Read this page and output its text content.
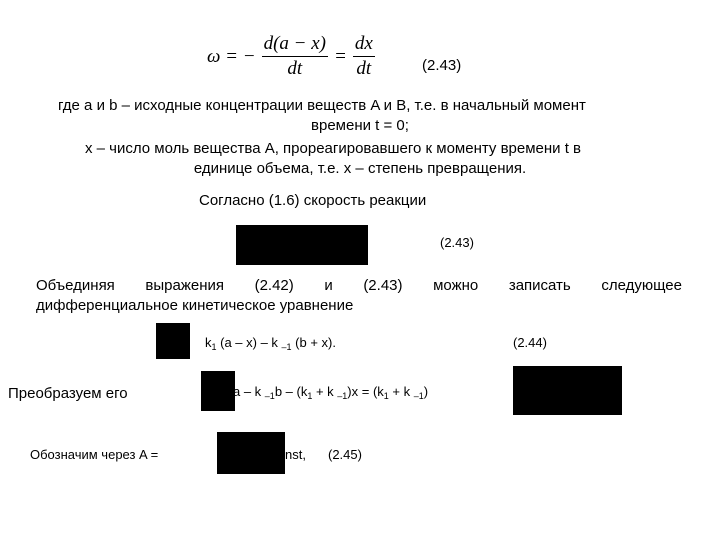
ω = − $\frac{d(a - x)}{dt} = \frac{dx}{dt}$	(2.43)
где a и b – исходные концентрации веществ A и B, т.е. в начальный момент
времени t = 0;
x – число моль вещества A, прореагировавшего к моменту времени t в
единице объема, т.е. x – степень превращения.
Согласно (1.6) скорость реакции
(2.43)
Объединяя выражения (2.42) и (2.43) можно записать следующее
дифференциальное кинетическое уравнение
$k_1$ (a – x) – k $_{-1}$ (b + x).	(2.44)
Преобразуем его	a – k $_{-1}b - (k_1 + k$ $_{-1})x = (k_1 + k$ $_{-1}$)
Обозначим через A =	nst, (2.45)
